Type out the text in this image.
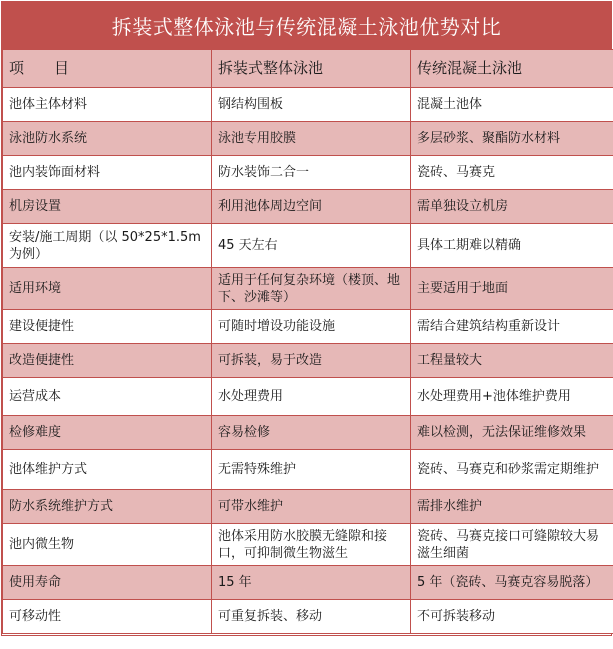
拆装式整体泳池与传统混凝土泳池优势对比
项　　目	拆装式整体泳池	传统混凝土泳池
池体主体材料	钢结构围板	混凝土池体
泳池防水系统	泳池专用胶膜	多层砂浆、聚酯防水材料
池内装饰面材料	防水装饰二合一	瓷砖、马赛克
机房设置	利用池体周边空间	需单独设立机房
安装/施工周期（以 50*25*1.5m为例）	45 天左右	具体工期难以精确
适用环境	适用于任何复杂环境（楼顶、地下、沙滩等）	主要适用于地面
建设便捷性	可随时增设功能设施	需结合建筑结构重新设计
改造便捷性	可拆装，易于改造	工程量较大
运营成本	水处理费用	水处理费用+池体维护费用
检修难度	容易检修	难以检测，无法保证维修效果
池体维护方式	无需特殊维护	瓷砖、马赛克和砂浆需定期维护
防水系统维护方式	可带水维护	需排水维护
池内微生物	池体采用防水胶膜无缝隙和接口，可抑制微生物滋生	瓷砖、马赛克接口可缝隙较大易滋生细菌
使用寿命	15 年	5 年（瓷砖、马赛克容易脱落）
可移动性	可重复拆装、移动	不可拆装移动
